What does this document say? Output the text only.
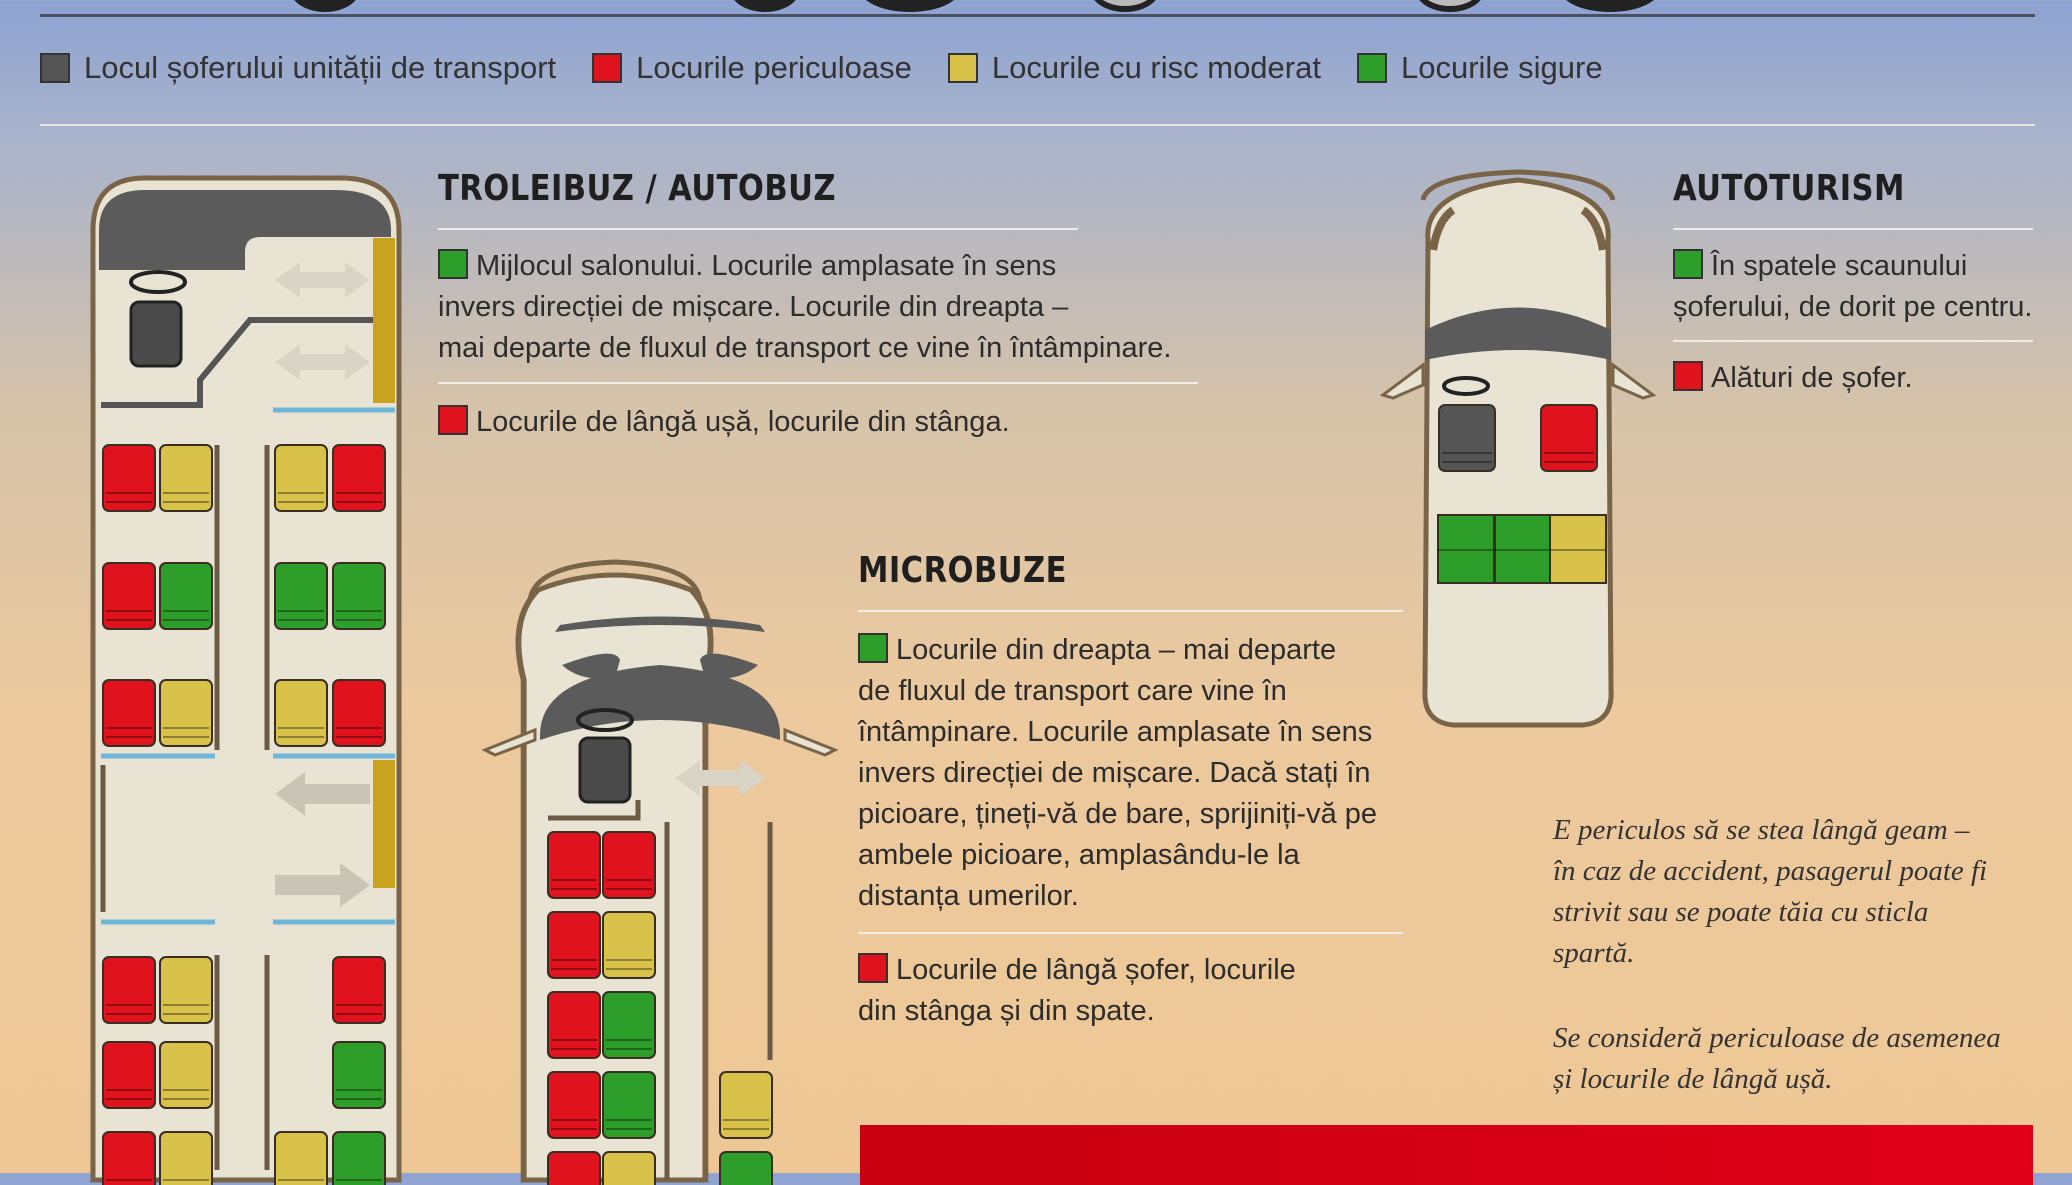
Locul șoferului unității de transport	Locurile periculoase	Locurile cu risc moderat	Locurile sigure
TROLEIBUZ / AUTOBUZ
Mijlocul salonului. Locurile amplasate în sens
invers direcției de mișcare. Locurile din dreapta –
mai departe de fluxul de transport ce vine în întâmpinare.
Locurile de lângă ușă, locurile din stânga.
MICROBUZE
Locurile din dreapta – mai departe
de fluxul de transport care vine în
întâmpinare. Locurile amplasate în sens
invers direcției de mișcare. Dacă stați în
picioare, țineți-vă de bare, sprijiniți-vă pe
ambele picioare, amplasându-le la
distanța umerilor.
Locurile de lângă șofer, locurile
din stânga și din spate.
AUTOTURISM
În spatele scaunului
șoferului, de dorit pe centru.
Alături de șofer.
E periculos să se stea lângă geam –
în caz de accident, pasagerul poate fi
strivit sau se poate tăia cu sticla
spartă.
Se consideră periculoase de asemenea
și locurile de lângă ușă.
